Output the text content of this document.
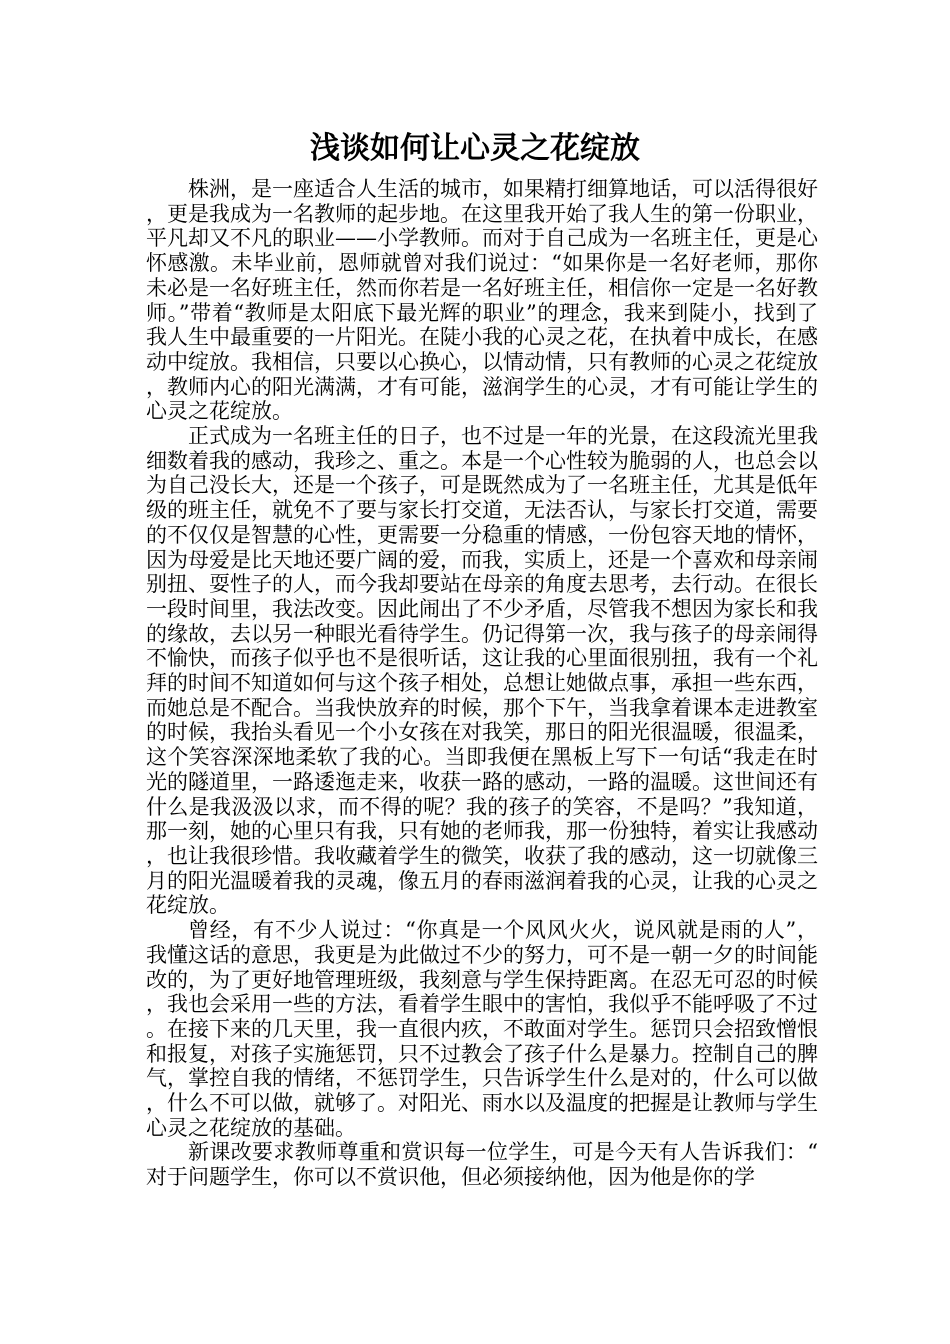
浅谈如何让心灵之花绽放

株洲，是一座适合人生活的城市，如果精打细算地话，可以活得很好，更是我成为一名教师的起步地。在这里我开始了我人生的第一份职业，平凡却又不凡的职业——小学教师。而对于自己成为一名班主任，更是心怀感激。未毕业前，恩师就曾对我们说过：“如果你是一名好老师，那你未必是一名好班主任，然而你若是一名好班主任，相信你一定是一名好教师。”带着“教师是太阳底下最光辉的职业”的理念，我来到陡小，找到了我人生中最重要的一片阳光。在陡小我的心灵之花，在执着中成长，在感动中绽放。我相信，只要以心换心，以情动情，只有教师的心灵之花绽放，教师内心的阳光满满，才有可能，滋润学生的心灵，才有可能让学生的心灵之花绽放。

正式成为一名班主任的日子，也不过是一年的光景，在这段流光里我细数着我的感动，我珍之、重之。本是一个心性较为脆弱的人，也总会以为自己没长大，还是一个孩子，可是既然成为了一名班主任，尤其是低年级的班主任，就免不了要与家长打交道，无法否认，与家长打交道，需要的不仅仅是智慧的心性，更需要一分稳重的情感，一份包容天地的情怀，因为母爱是比天地还要广阔的爱，而我，实质上，还是一个喜欢和母亲闹别扭、耍性子的人，而今我却要站在母亲的角度去思考，去行动。在很长一段时间里，我法改变。因此闹出了不少矛盾，尽管我不想因为家长和我的缘故，去以另一种眼光看待学生。仍记得第一次，我与孩子的母亲闹得不愉快，而孩子似乎也不是很听话，这让我的心里面很别扭，我有一个礼拜的时间不知道如何与这个孩子相处，总想让她做点事，承担一些东西，而她总是不配合。当我快放弃的时候，那个下午，当我拿着课本走进教室的时候，我抬头看见一个小女孩在对我笑，那日的阳光很温暖，很温柔，这个笑容深深地柔软了我的心。当即我便在黑板上写下一句话“我走在时光的隧道里，一路逶迤走来，收获一路的感动，一路的温暖。这世间还有什么是我汲汲以求，而不得的呢？我的孩子的笑容，不是吗？”我知道，那一刻，她的心里只有我，只有她的老师我，那一份独特，着实让我感动，也让我很珍惜。我收藏着学生的微笑，收获了我的感动，这一切就像三月的阳光温暖着我的灵魂，像五月的春雨滋润着我的心灵，让我的心灵之花绽放。

曾经，有不少人说过：“你真是一个风风火火，说风就是雨的人”，我懂这话的意思，我更是为此做过不少的努力，可不是一朝一夕的时间能改的，为了更好地管理班级，我刻意与学生保持距离。在忍无可忍的时候，我也会采用一些的方法，看着学生眼中的害怕，我似乎不能呼吸了不过。在接下来的几天里，我一直很内疚，不敢面对学生。惩罚只会招致憎恨和报复，对孩子实施惩罚，只不过教会了孩子什么是暴力。控制自己的脾气，掌控自我的情绪，不惩罚学生，只告诉学生什么是对的，什么可以做，什么不可以做，就够了。对阳光、雨水以及温度的把握是让教师与学生心灵之花绽放的基础。

新课改要求教师尊重和赏识每一位学生，可是今天有人告诉我们：“对于问题学生，你可以不赏识他，但必须接纳他，因为他是你的学
